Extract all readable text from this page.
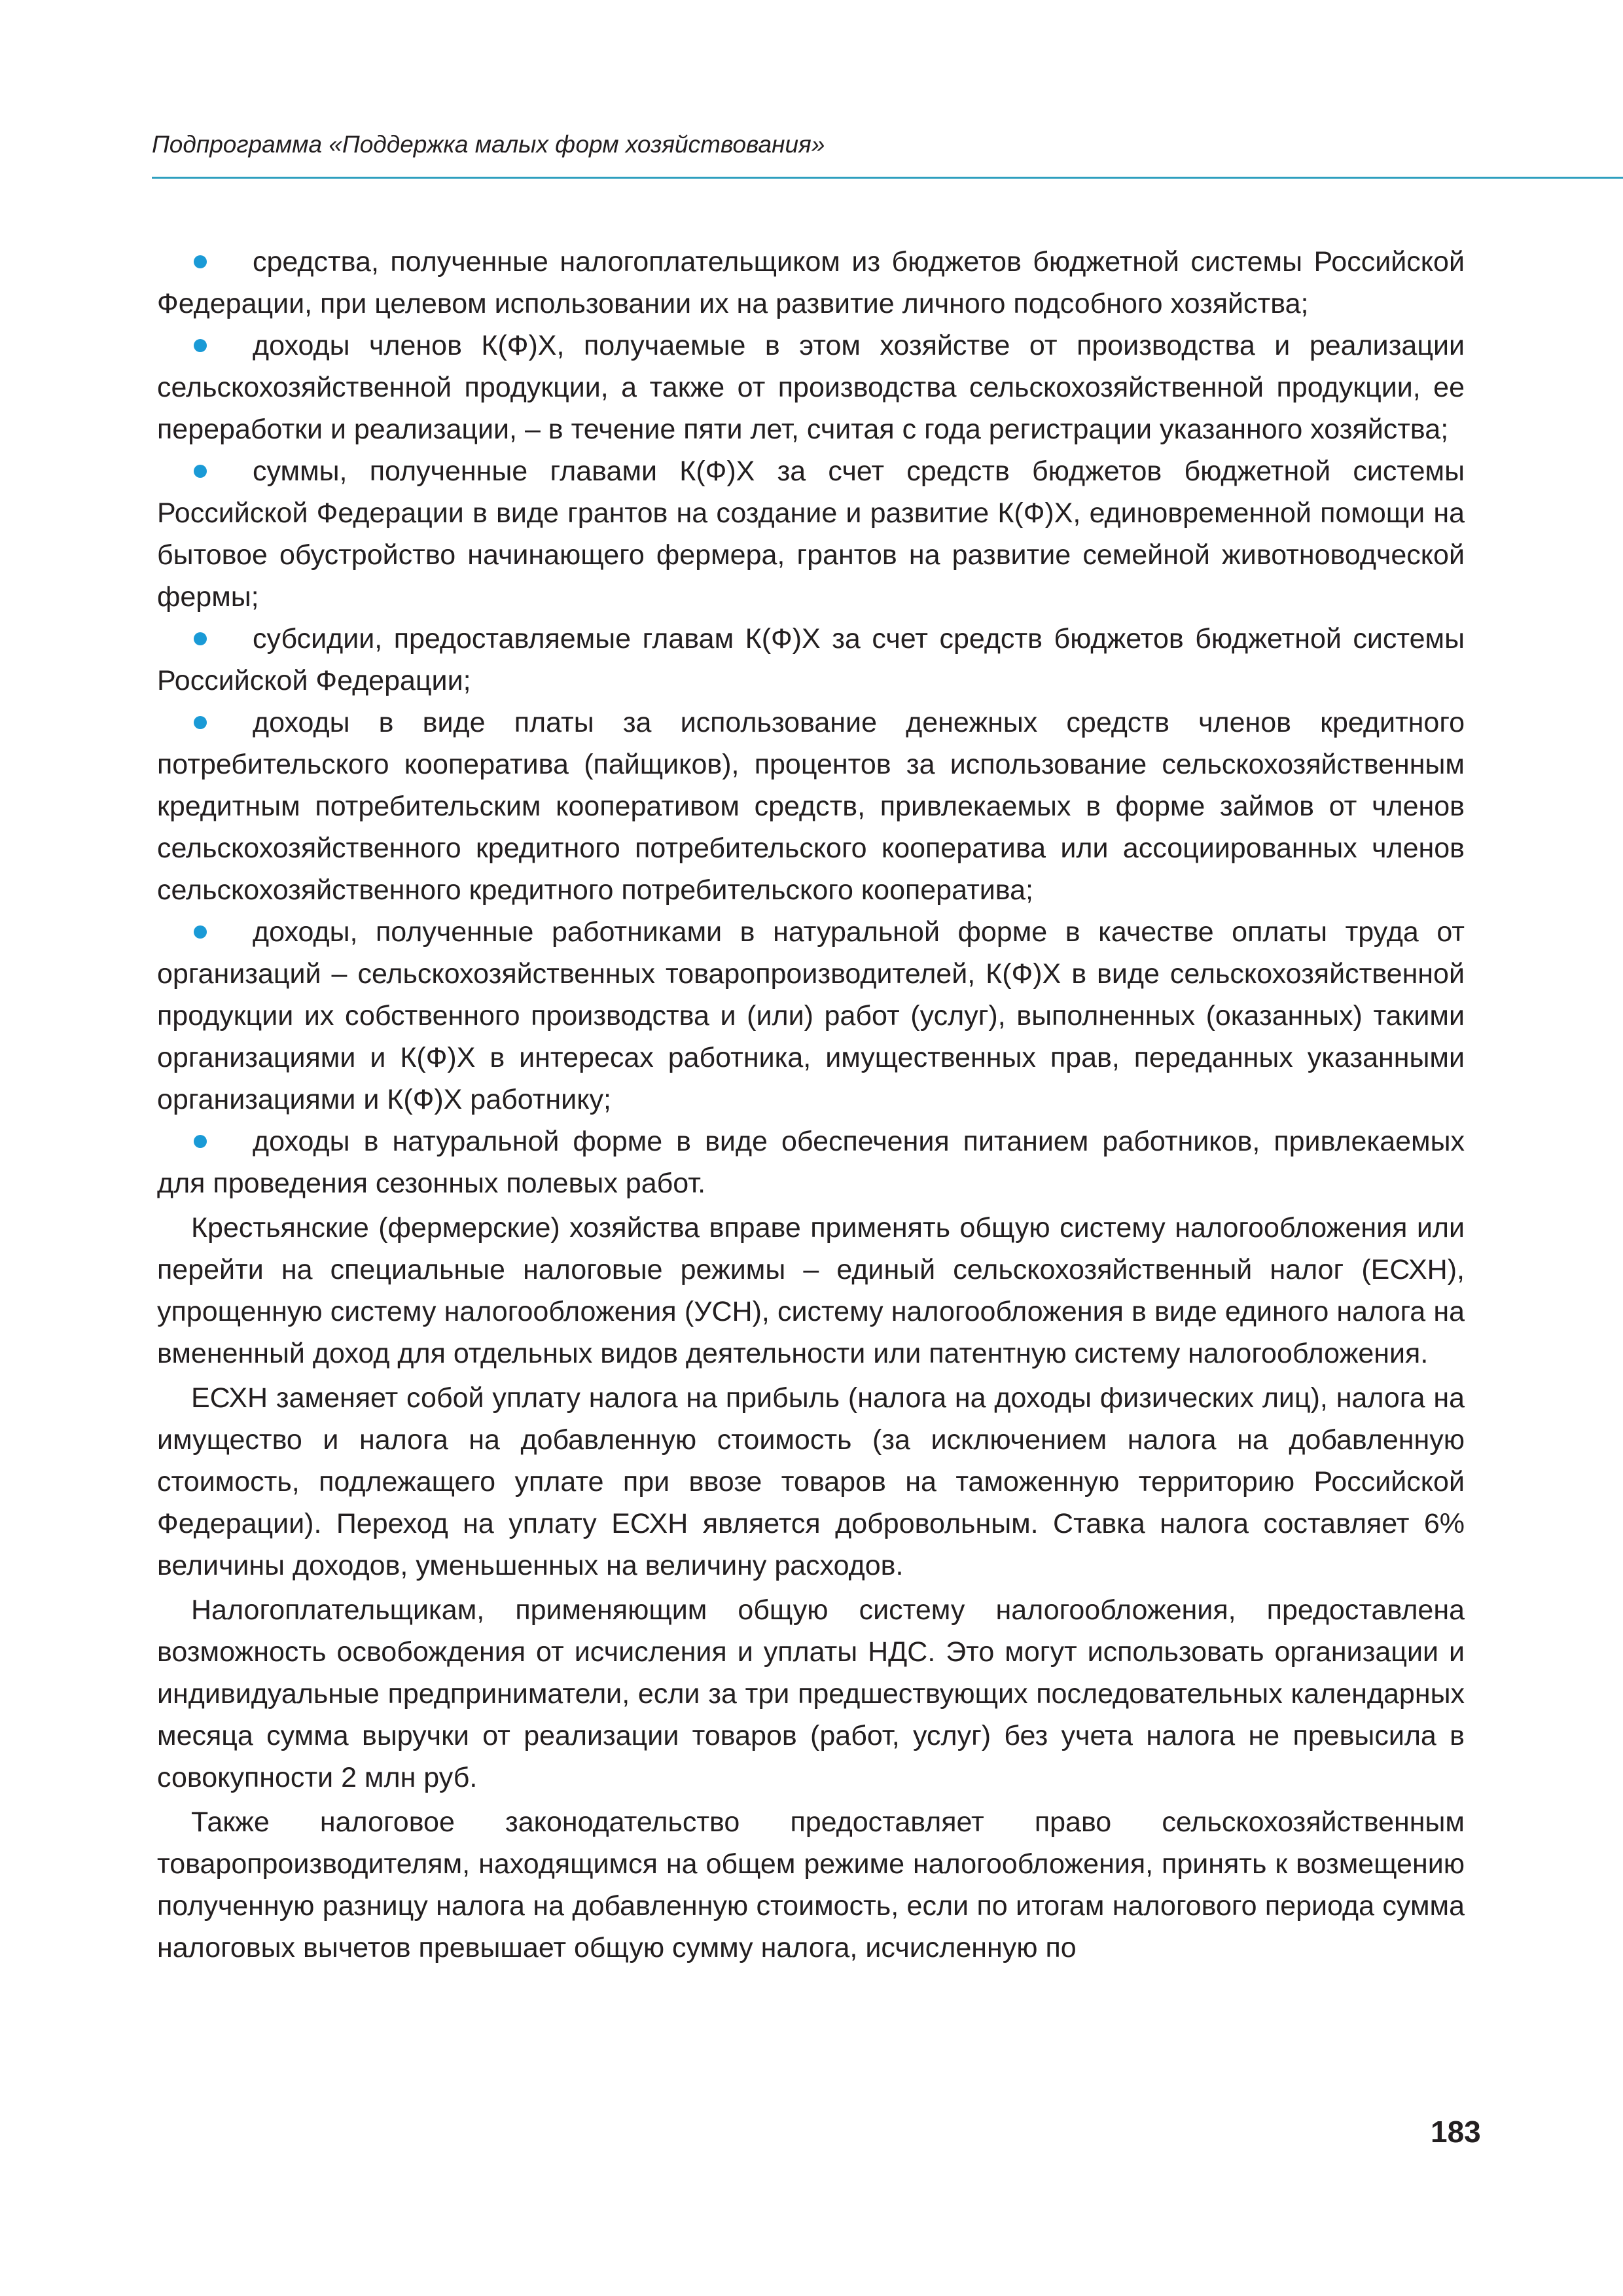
Подпрограмма «Поддержка малых форм хозяйствования»

средства, полученные налогоплательщиком из бюджетов бюджетной системы Российской Федерации, при целевом использовании их на развитие личного подсобного хозяйства;

доходы членов К(Ф)Х, получаемые в этом хозяйстве от производства и реализации сельскохозяйственной продукции, а также от производства сельскохозяйственной продукции, ее переработки и реализации, – в течение пяти лет, считая с года регистрации указанного хозяйства;

суммы, полученные главами К(Ф)Х за счет средств бюджетов бюджетной системы Российской Федерации в виде грантов на создание и развитие К(Ф)Х, единовременной помощи на бытовое обустройство начинающего фермера, грантов на развитие семейной животноводческой фермы;

субсидии, предоставляемые главам К(Ф)Х за счет средств бюджетов бюджетной системы Российской Федерации;

доходы в виде платы за использование денежных средств членов кредитного потребительского кооператива (пайщиков), процентов за использование сельскохозяйственным кредитным потребительским кооперативом средств, привлекаемых в форме займов от членов сельскохозяйственного кредитного потребительского кооператива или ассоциированных членов сельскохозяйственного кредитного потребительского кооператива;

доходы, полученные работниками в натуральной форме в качестве оплаты труда от организаций – сельскохозяйственных товаропроизводителей, К(Ф)Х в виде сельскохозяйственной продукции их собственного производства и (или) работ (услуг), выполненных (оказанных) такими организациями и К(Ф)Х в интересах работника, имущественных прав, переданных указанными организациями и К(Ф)Х работнику;

доходы в натуральной форме в виде обеспечения питанием работников, привлекаемых для проведения сезонных полевых работ.

Крестьянские (фермерские) хозяйства вправе применять общую систему налогообложения или перейти на специальные налоговые режимы – единый сельскохозяйственный налог (ЕСХН), упрощенную систему налогообложения (УСН), систему налогообложения в виде единого налога на вмененный доход для отдельных видов деятельности или патентную систему налогообложения.

ЕСХН заменяет собой уплату налога на прибыль (налога на доходы физических лиц), налога на имущество и налога на добавленную стоимость (за исключением налога на добавленную стоимость, подлежащего уплате при ввозе товаров на таможенную территорию Российской Федерации). Переход на уплату ЕСХН является добровольным. Ставка налога составляет 6% величины доходов, уменьшенных на величину расходов.

Налогоплательщикам, применяющим общую систему налогообложения, предоставлена возможность освобождения от исчисления и уплаты НДС. Это могут использовать организации и индивидуальные предприниматели, если за три предшествующих последовательных календарных месяца сумма выручки от реализации товаров (работ, услуг) без учета налога не превысила в совокупности 2 млн руб.

Также налоговое законодательство предоставляет право сельскохозяйственным товаропроизводителям, находящимся на общем режиме налогообложения, принять к возмещению полученную разницу налога на добавленную стоимость, если по итогам налогового периода сумма налоговых вычетов превышает общую сумму налога, исчисленную по

183
